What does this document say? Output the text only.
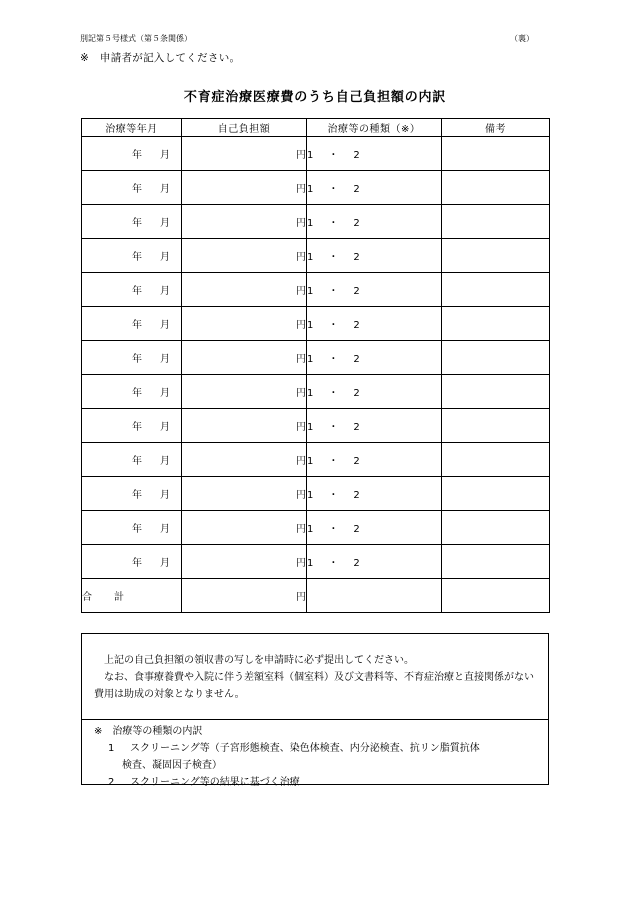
別記第５号様式（第５条関係）	（裏）
※　申請者が記入してください。
不育症治療医療費のうち自己負担額の内訳
治療等年月	自己負担額	治療等の種類（※）	備考
年 月	円	1 ・ 2	
年 月	円	1 ・ 2	
年 月	円	1 ・ 2	
年 月	円	1 ・ 2	
年 月	円	1 ・ 2	
年 月	円	1 ・ 2	
年 月	円	1 ・ 2	
年 月	円	1 ・ 2	
年 月	円	1 ・ 2	
年 月	円	1 ・ 2	
年 月	円	1 ・ 2	
年 月	円	1 ・ 2	
年 月	円	1 ・ 2	
合 計	円		

上記の自己負担額の領収書の写しを申請時に必ず提出してください。

なお、食事療養費や入院に伴う差額室料（個室料）及び文書料等、不育症治療と直接関係がない費用は助成の対象となりません。

※　治療等の種類の内訳

1 スクリーニング等（子宮形態検査、染色体検査、内分泌検査、抗リン脂質抗体

検査、凝固因子検査）

2 スクリーニング等の結果に基づく治療
